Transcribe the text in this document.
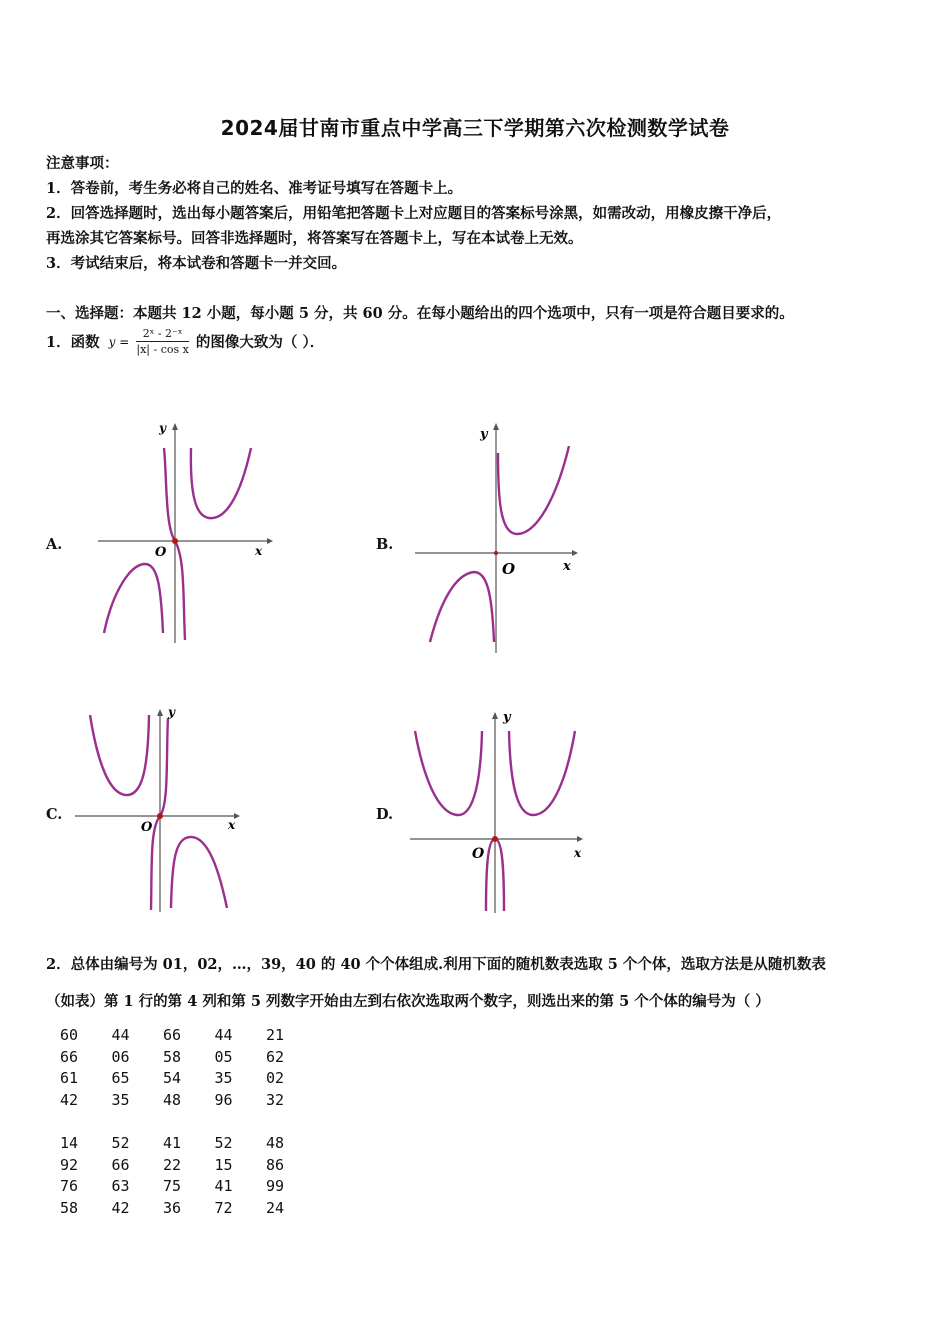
2024届甘南市重点中学高三下学期第六次检测数学试卷
注意事项：
1．答卷前，考生务必将自己的姓名、准考证号填写在答题卡上。
2．回答选择题时，选出每小题答案后，用铅笔把答题卡上对应题目的答案标号涂黑，如需改动，用橡皮擦干净后，
再选涂其它答案标号。回答非选择题时，将答案写在答题卡上，写在本试卷上无效。
3．考试结束后，将本试卷和答题卡一并交回。
一、选择题：本题共 12 小题，每小题 5 分，共 60 分。在每小题给出的四个选项中，只有一项是符合题目要求的。
1．函数 $y = \frac{\text{2ˣ - 2⁻ˣ}}{\text{|x| - cos x}}$ 的图像大致为（ ）．
A.	B.
C.	D.
y
x
O
y
x
O
y
x
O
y
x
O
2．总体由编号为 01，02，…，39，40 的 40 个个体组成.利用下面的随机数表选取 5 个个体，选取方法是从随机数表
（如表）第 1 行的第 4 列和第 5 列数字开始由左到右依次选取两个数字，则选出来的第 5 个个体的编号为（ ）
60 44 66 44 21
66 06 58 05 62
61 65 54 35 02
42 35 48 96 32
14 52 41 52 48
92 66 22 15 86
76 63 75 41 99
58 42 36 72 24
